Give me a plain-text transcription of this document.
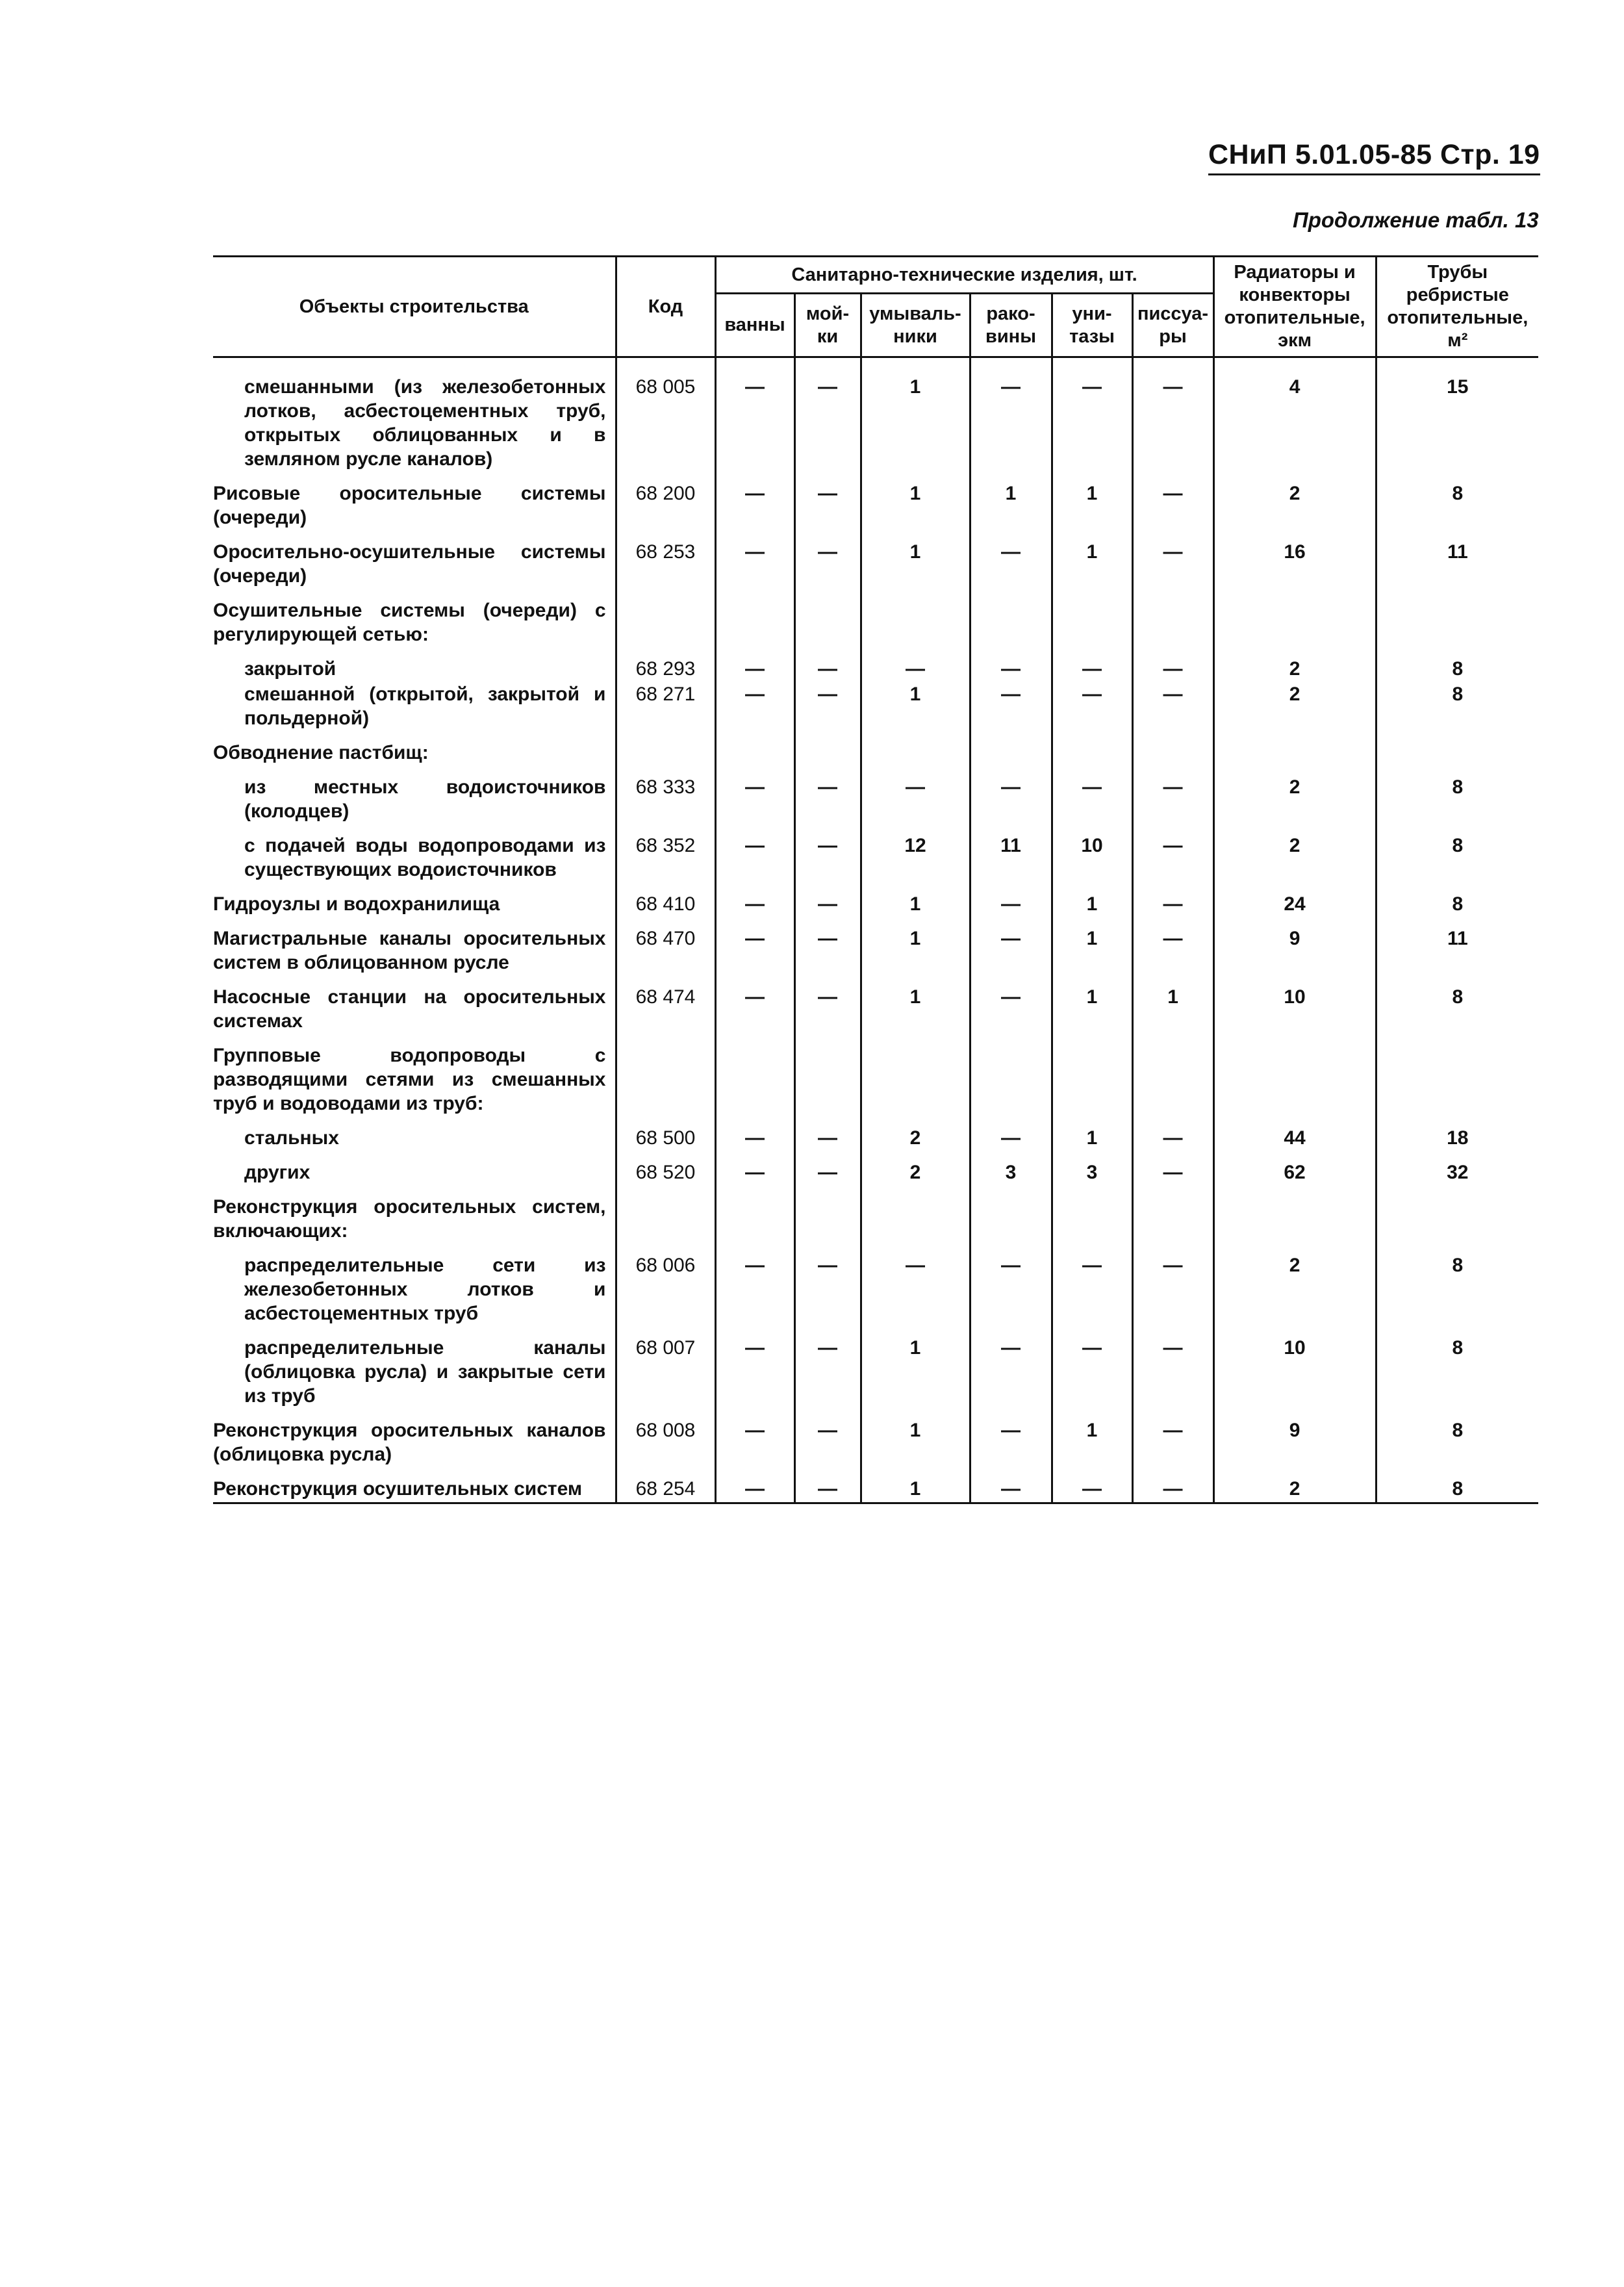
СНиП 5.01.05-85 Стр. 19
Продолжение табл. 13
Объекты строительства	Код	Санитарно-технические изделия, шт.						Радиаторы и конвекторы отопительные, экм	Трубы ребристые отопительные, м²
		ванны	мой-ки	умываль-ники	рако-вины	уни-тазы	писсуа-ры		

смешанными (из железобетонных лотков, асбестоцементных труб, открытых облицованных и в земляном русле каналов)	68 005	—	—	1	—	—	—	4	15
Рисовые оросительные системы (очереди)	68 200	—	—	1	1	1	—	2	8
Оросительно-осушительные системы (очереди)	68 253	—	—	1	—	1	—	16	11
Осушительные системы (очереди) с регулирующей сетью:									
закрытой	68 293	—	—	—	—	—	—	2	8
смешанной (открытой, закрытой и польдерной)	68 271	—	—	1	—	—	—	2	8
Обводнение пастбищ:									
из местных водоисточников (колодцев)	68 333	—	—	—	—	—	—	2	8
с подачей воды водопроводами из существующих водоисточников	68 352	—	—	12	11	10	—	2	8
Гидроузлы и водохранилища	68 410	—	—	1	—	1	—	24	8
Магистральные каналы оросительных систем в облицованном русле	68 470	—	—	1	—	1	—	9	11
Насосные станции на оросительных системах	68 474	—	—	1	—	1	1	10	8
Групповые водопроводы с разводящими сетями из смешанных труб и водоводами из труб:									
стальных	68 500	—	—	2	—	1	—	44	18
других	68 520	—	—	2	3	3	—	62	32
Реконструкция оросительных систем, включающих:									
распределительные сети из железобетонных лотков и асбестоцементных труб	68 006	—	—	—	—	—	—	2	8
распределительные каналы (облицовка русла) и закрытые сети из труб	68 007	—	—	1	—	—	—	10	8
Реконструкция оросительных каналов (облицовка русла)	68 008	—	—	1	—	1	—	9	8
Реконструкция осушительных систем	68 254	—	—	1	—	—	—	2	8
